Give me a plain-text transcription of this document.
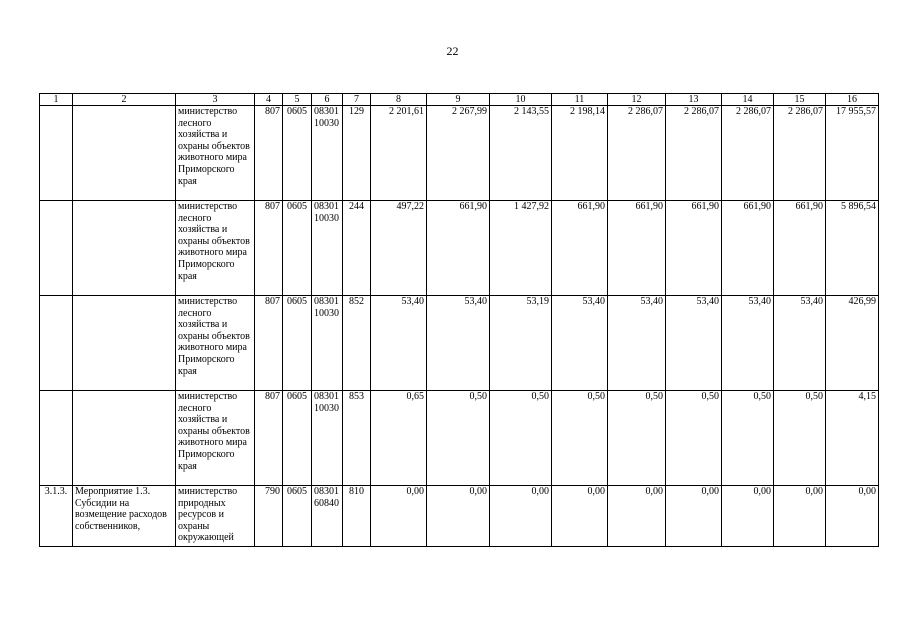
22
1	2	3	4	5	6	7	8	9	10	11	12	13	14	15	16
		министерство лесного хозяйства и охраны объектов животного мира Приморского края	807	0605	08301 10030	129	2 201,61	2 267,99	2 143,55	2 198,14	2 286,07	2 286,07	2 286,07	2 286,07	17 955,57
		министерство лесного хозяйства и охраны объектов животного мира Приморского края	807	0605	08301 10030	244	497,22	661,90	1 427,92	661,90	661,90	661,90	661,90	661,90	5 896,54
		министерство лесного хозяйства и охраны объектов животного мира Приморского края	807	0605	08301 10030	852	53,40	53,40	53,19	53,40	53,40	53,40	53,40	53,40	426,99
		министерство лесного хозяйства и охраны объектов животного мира Приморского края	807	0605	08301 10030	853	0,65	0,50	0,50	0,50	0,50	0,50	0,50	0,50	4,15
3.1.3.	Мероприятие 1.3. Субсидии на возмещение расходов собственников,	министерство природных ресурсов и охраны окружающей	790	0605	08301 60840	810	0,00	0,00	0,00	0,00	0,00	0,00	0,00	0,00	0,00
